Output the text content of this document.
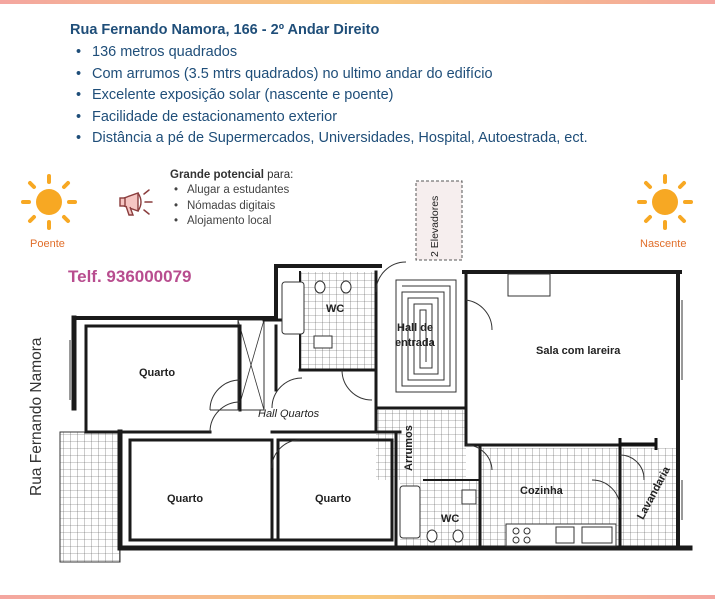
Rua Fernando Namora, 166 - 2º Andar Direito
• 136 metros quadrados
• Com arrumos (3.5 mtrs quadrados) no ultimo andar do edifício
• Excelente exposição solar (nascente e poente)
• Facilidade de estacionamento exterior
• Distância a pé de Supermercados, Universidades, Hospital, Autoestrada, ect.
Poente	Nascente
Grande potencial para:
• Alugar a estudantes
• Nómadas digitais
• Alojamento local
Telf. 936000079
Rua Fernando Namora
2 Elevadores
WC
Hall de
entrada
Sala com lareira
Quarto
Hall Quartos
Arrumos
Quarto	Quarto
Cozinha
WC	Lavandaria
